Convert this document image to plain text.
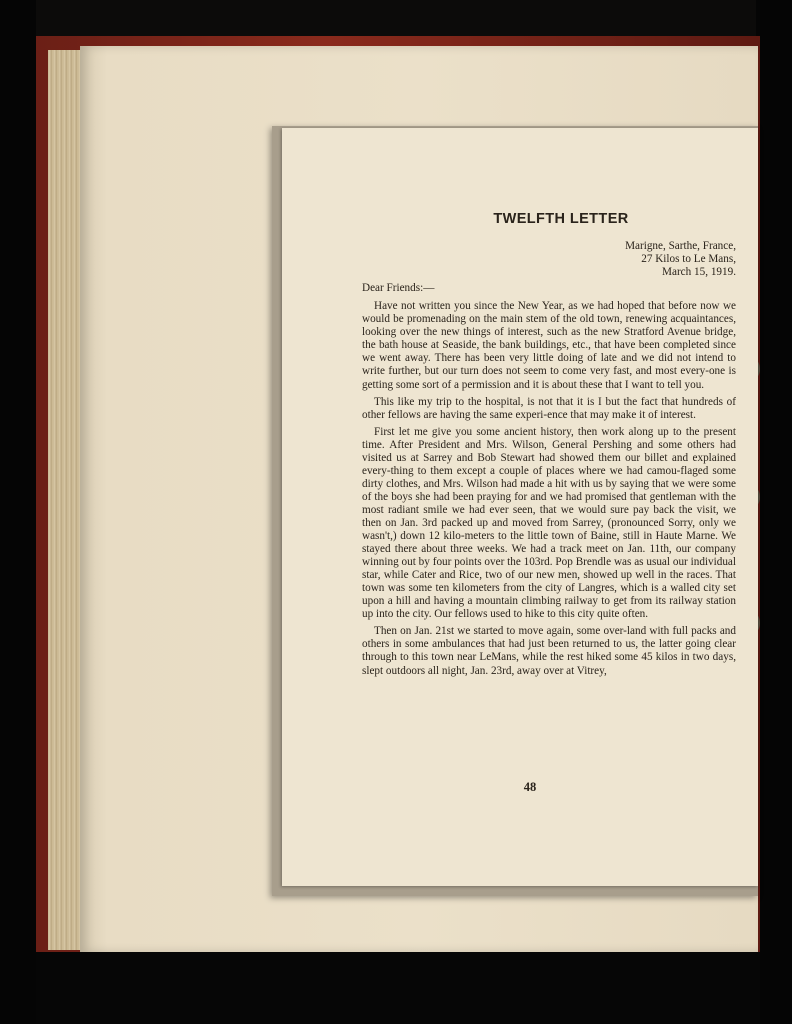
TWELFTH LETTER
Marigne, Sarthe, France,
27 Kilos to Le Mans,
March 15, 1919.
Dear Friends:—

Have not written you since the New Year, as we had hoped that before now we would be promenading on the main stem of the old town, renewing acquaintances, looking over the new things of interest, such as the new Stratford Avenue bridge, the bath house at Seaside, the bank buildings, etc., that have been completed since we went away. There has been very little doing of late and we did not intend to write further, but our turn does not seem to come very fast, and most every-one is getting some sort of a permission and it is about these that I want to tell you.

This like my trip to the hospital, is not that it is I but the fact that hundreds of other fellows are having the same experi-ence that may make it of interest.

First let me give you some ancient history, then work along up to the present time. After President and Mrs. Wilson, General Pershing and some others had visited us at Sarrey and Bob Stewart had showed them our billet and explained every-thing to them except a couple of places where we had camou-flaged some dirty clothes, and Mrs. Wilson had made a hit with us by saying that we were some of the boys she had been praying for and we had promised that gentleman with the most radiant smile we had ever seen, that we would sure pay back the visit, we then on Jan. 3rd packed up and moved from Sarrey, (pronounced Sorry, only we wasn't,) down 12 kilo-meters to the little town of Baine, still in Haute Marne. We stayed there about three weeks. We had a track meet on Jan. 11th, our company winning out by four points over the 103rd. Pop Brendle was as usual our individual star, while Cater and Rice, two of our new men, showed up well in the races. That town was some ten kilometers from the city of Langres, which is a walled city set upon a hill and having a mountain climbing railway to get from its railway station up into the city. Our fellows used to hike to this city quite often.

Then on Jan. 21st we started to move again, some over-land with full packs and others in some ambulances that had just been returned to us, the latter going clear through to this town near LeMans, while the rest hiked some 45 kilos in two days, slept outdoors all night, Jan. 23rd, away over at Vitrey,

48
